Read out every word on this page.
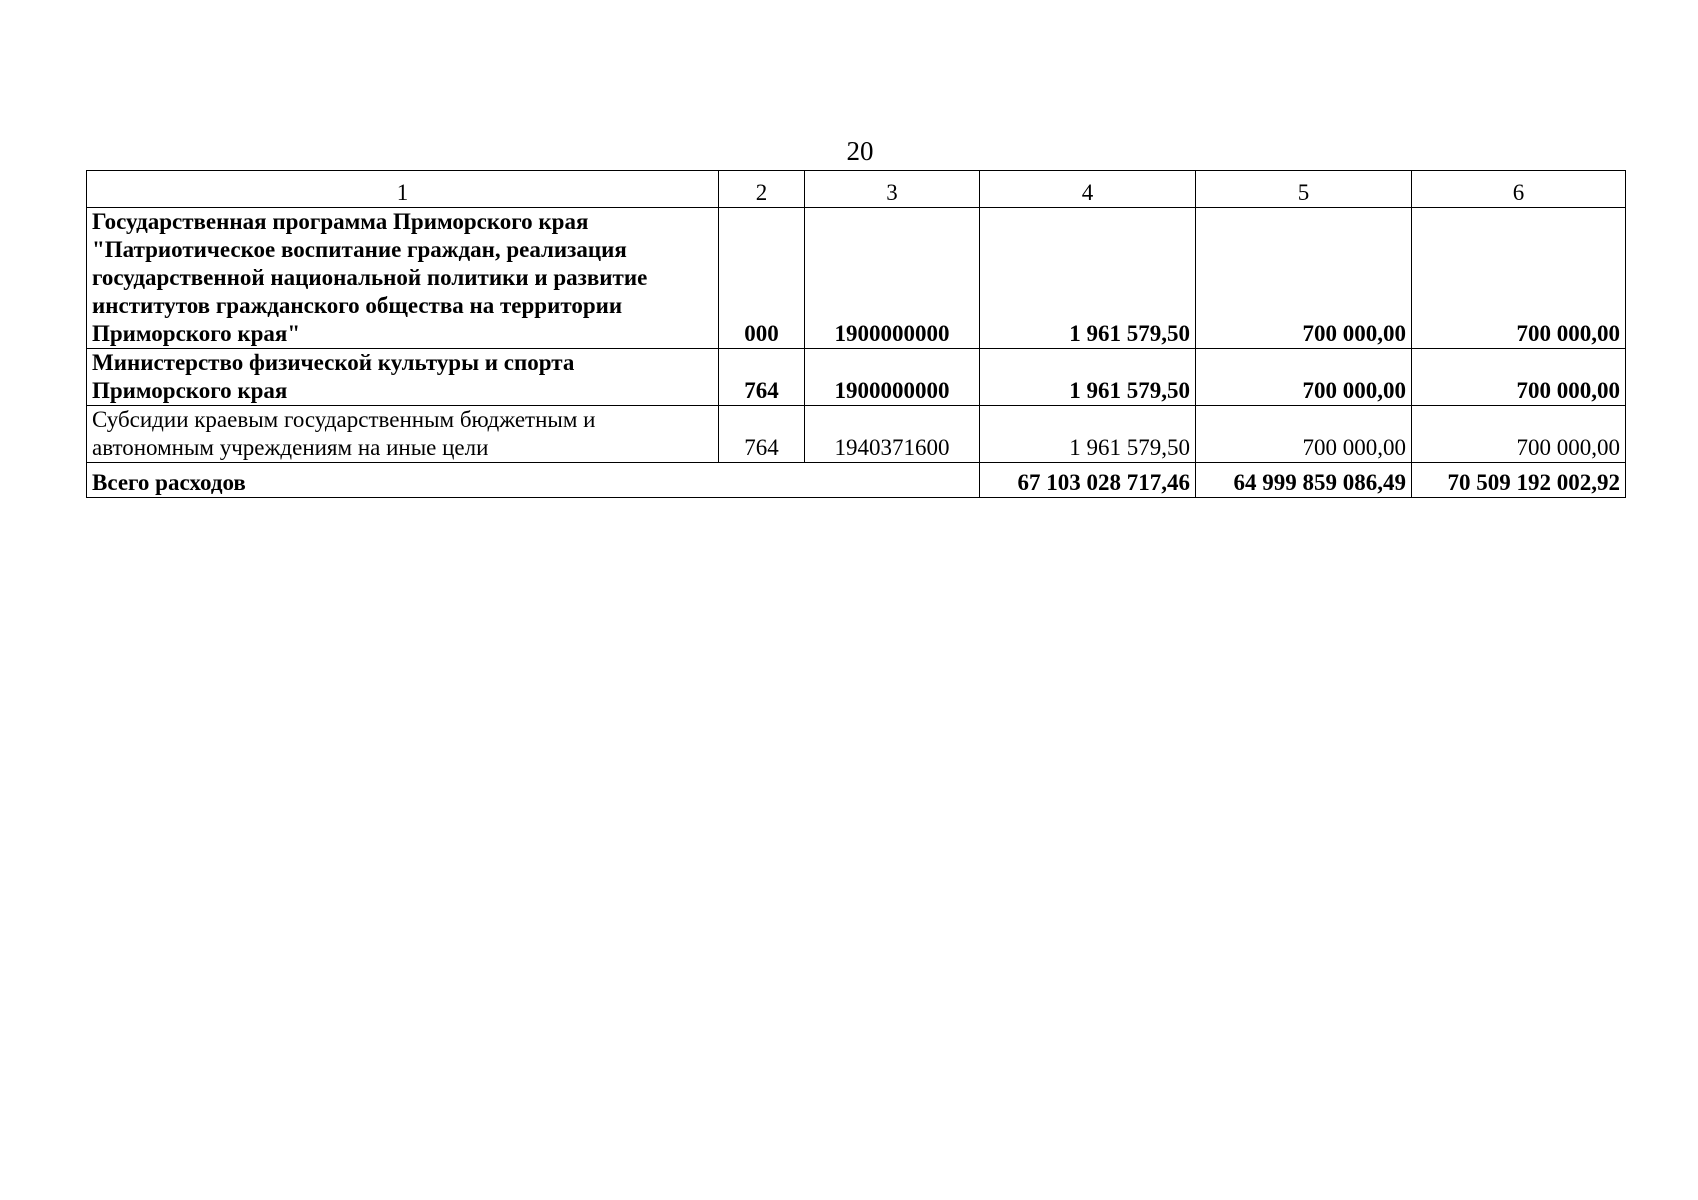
20
1	2	3	4	5	6
Государственная программа Приморского края "Патриотическое воспитание граждан, реализация государственной национальной политики и развитие институтов гражданского общества на территории Приморского края"	000	1900000000	1 961 579,50	700 000,00	700 000,00
Министерство физической культуры и спорта Приморского края	764	1900000000	1 961 579,50	700 000,00	700 000,00
Субсидии краевым государственным бюджетным и автономным учреждениям на иные цели	764	1940371600	1 961 579,50	700 000,00	700 000,00
Всего расходов			67 103 028 717,46	64 999 859 086,49	70 509 192 002,92
